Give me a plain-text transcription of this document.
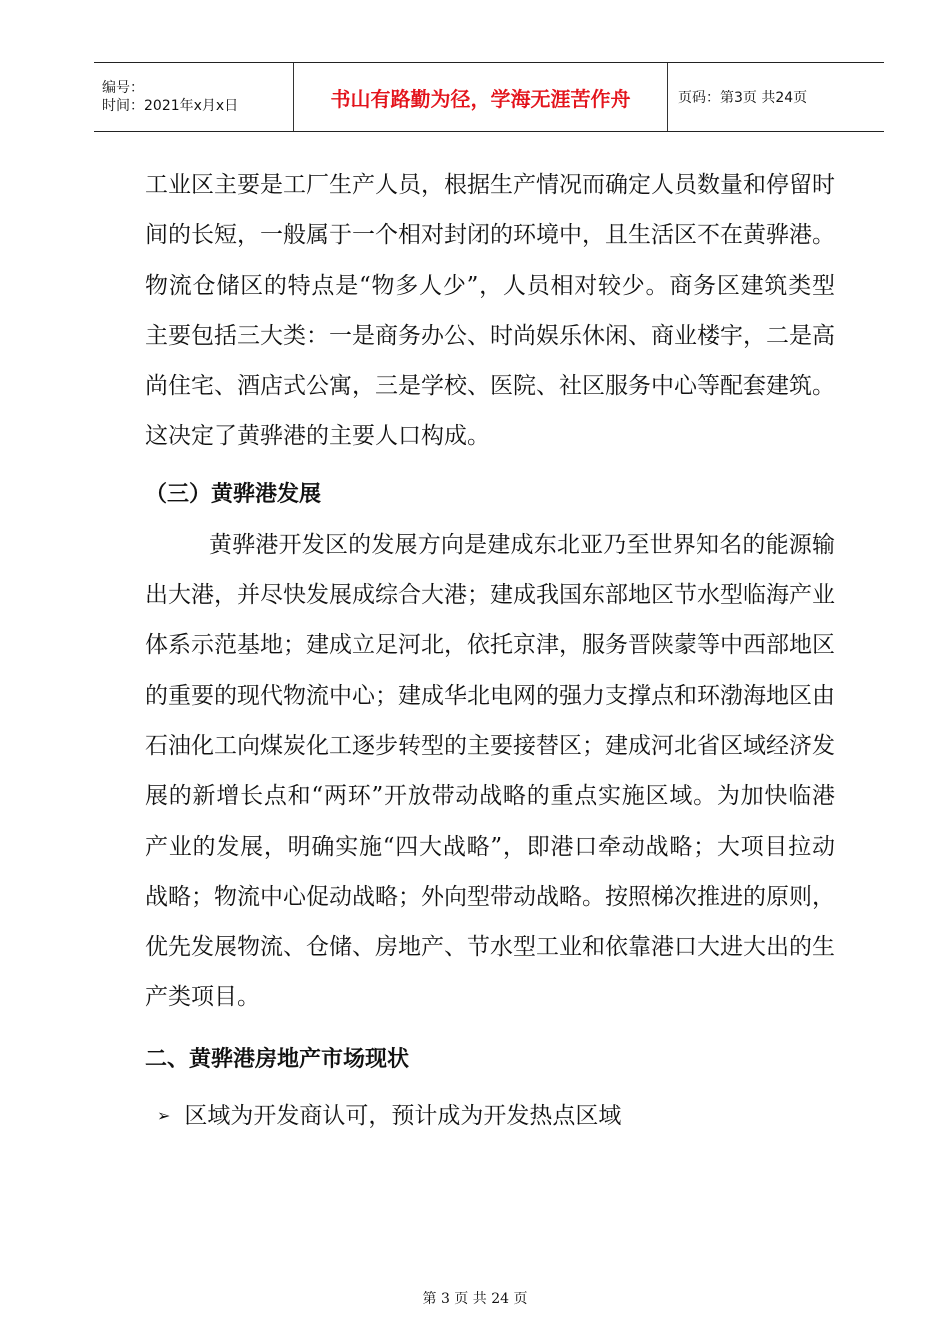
编号：
时间：2021年x月x日	书山有路勤为径，学海无涯苦作舟	页码：第3页 共24页

工业区主要是工厂生产人员，根据生产情况而确定人员数量和停留时间的长短，一般属于一个相对封闭的环境中，且生活区不在黄骅港。物流仓储区的特点是“物多人少”，人员相对较少。商务区建筑类型主要包括三大类：一是商务办公、时尚娱乐休闲、商业楼宇，二是高尚住宅、酒店式公寓，三是学校、医院、社区服务中心等配套建筑。这决定了黄骅港的主要人口构成。

（三）黄骅港发展

黄骅港开发区的发展方向是建成东北亚乃至世界知名的能源输出大港，并尽快发展成综合大港；建成我国东部地区节水型临海产业体系示范基地；建成立足河北，依托京津，服务晋陕蒙等中西部地区的重要的现代物流中心；建成华北电网的强力支撑点和环渤海地区由石油化工向煤炭化工逐步转型的主要接替区；建成河北省区域经济发展的新增长点和“两环”开放带动战略的重点实施区域。为加快临港产业的发展，明确实施“四大战略”，即港口牵动战略；大项目拉动战略；物流中心促动战略；外向型带动战略。按照梯次推进的原则，优先发展物流、仓储、房地产、节水型工业和依靠港口大进大出的生产类项目。

二、黄骅港房地产市场现状
➢ 区域为开发商认可，预计成为开发热点区域
第 3 页 共 24 页
